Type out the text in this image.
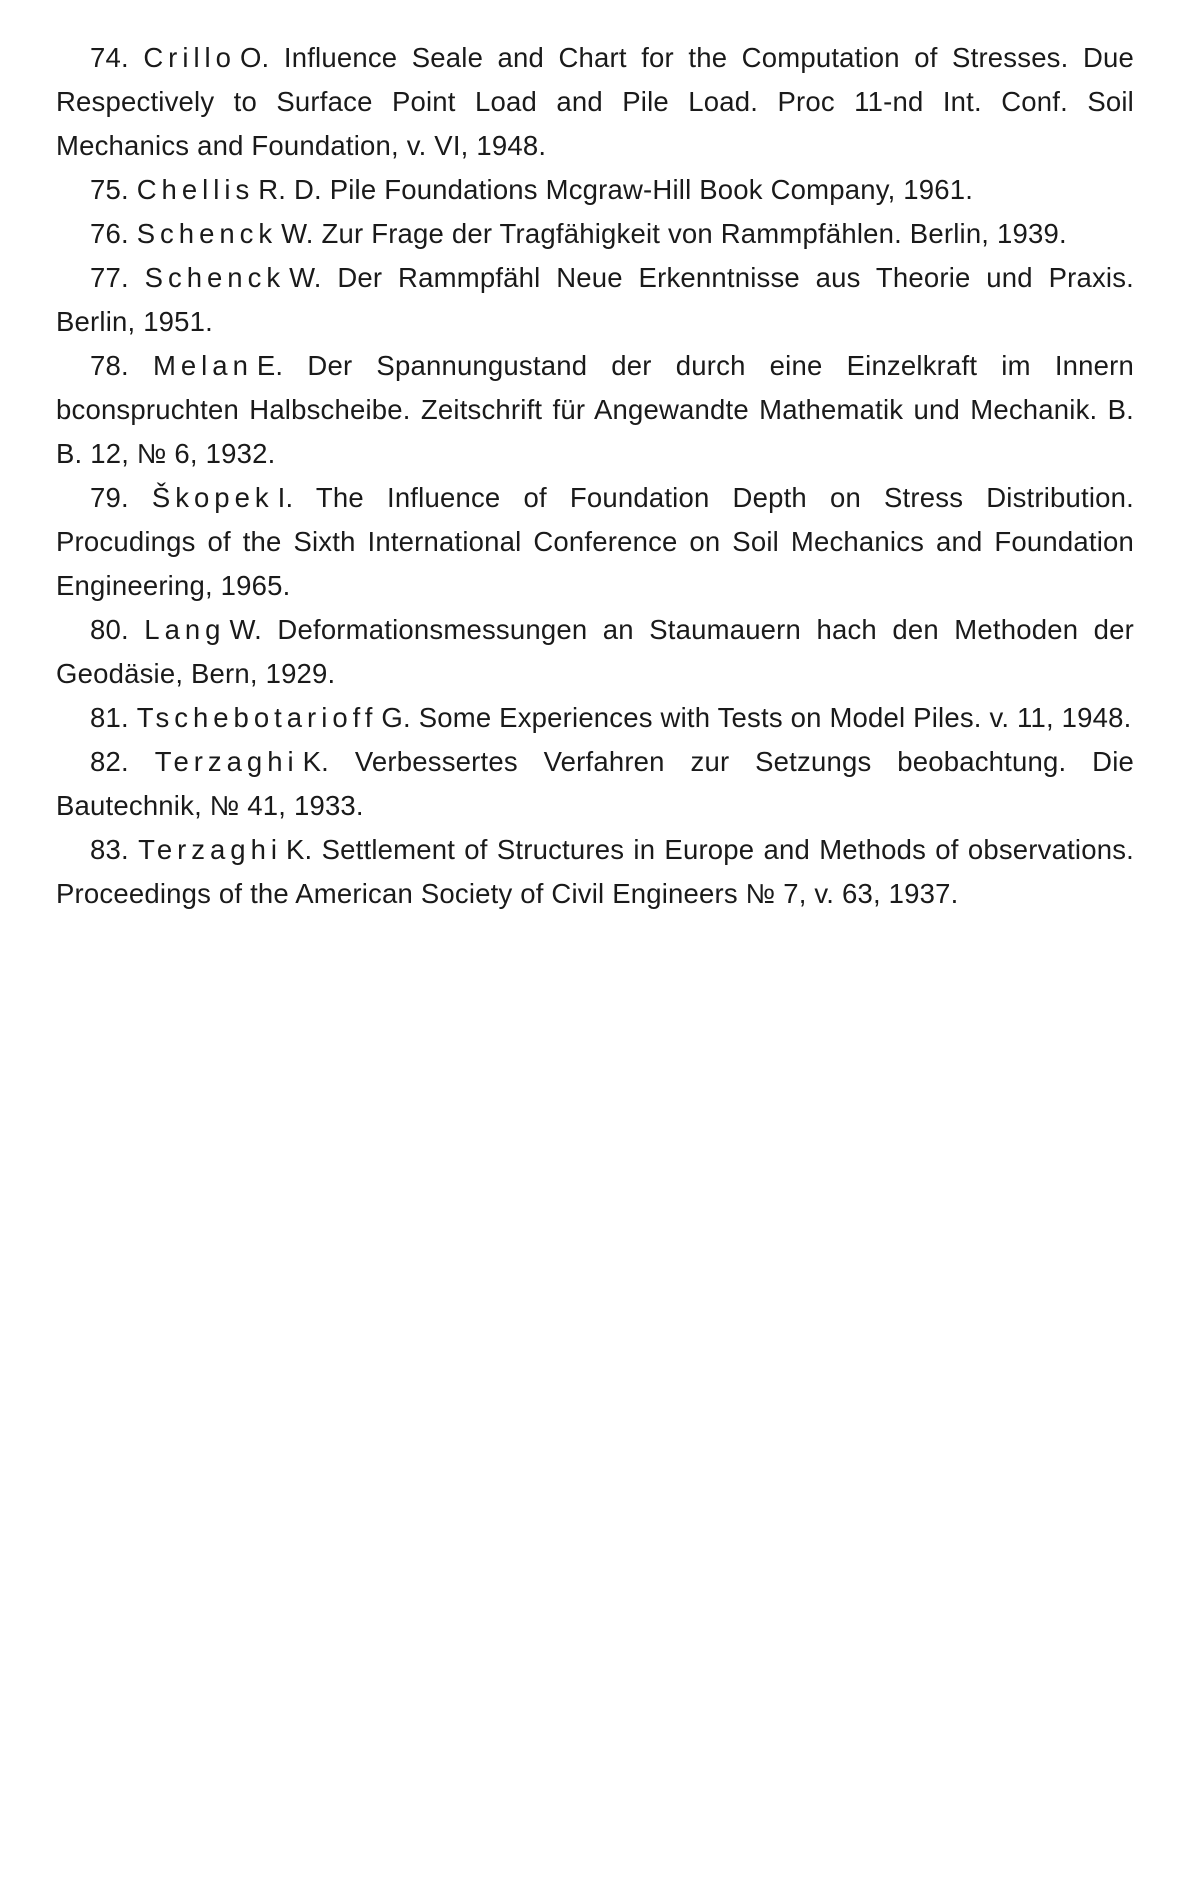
74. Crillo O. Influence Seale and Chart for the Computation of Stresses. Due Respectively to Surface Point Load and Pile Load. Proc 11-nd Int. Conf. Soil Mechanics and Foundation, v. VI, 1948.

75. Chellis R. D. Pile Foundations Mcgraw-Hill Book Company, 1961.

76. Schenck W. Zur Frage der Tragfähigkeit von Rammpfählen. Berlin, 1939.

77. Schenck W. Der Rammpfähl Neue Erkenntnisse aus Theorie und Praxis. Berlin, 1951.

78. Melan E. Der Spannungustand der durch eine Einzelkraft im Innern bconspruchten Halbscheibe. Zeitschrift für Angewandte Mathematik und Mechanik. B. B. 12, № 6, 1932.

79. Škopek I. The Influence of Foundation Depth on Stress Distribution. Procudings of the Sixth International Conference on Soil Mechanics and Foundation Engineering, 1965.

80. Lang W. Deformationsmessungen an Staumauern hach den Methoden der Geodäsie, Bern, 1929.

81. Tschebotarioff G. Some Experiences with Tests on Model Piles. v. 11, 1948.

82. Terzaghi K. Verbessertes Verfahren zur Setzungs beobachtung. Die Bautechnik, № 41, 1933.

83. Terzaghi K. Settlement of Structures in Europe and Methods of observations. Proceedings of the American Society of Civil Engineers № 7, v. 63, 1937.
